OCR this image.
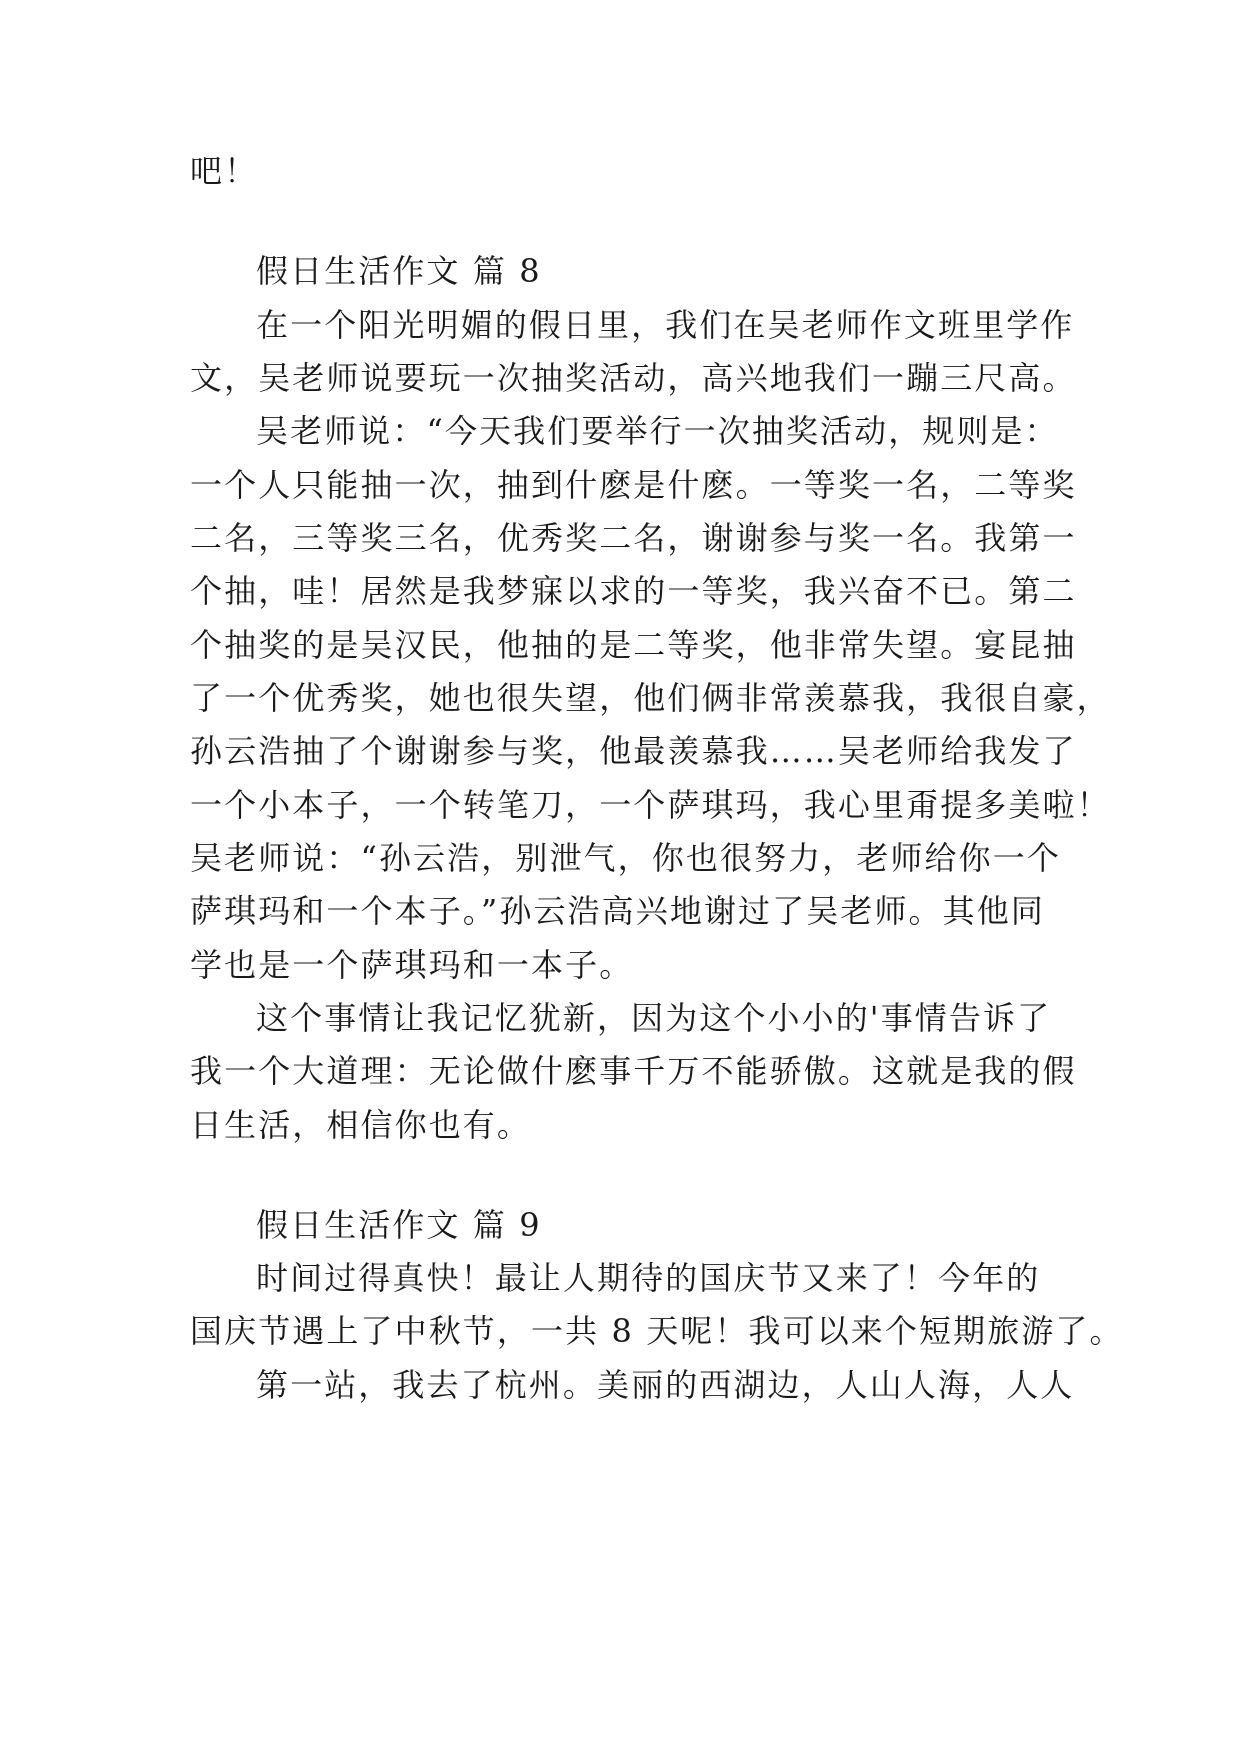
吧！
假日生活作文 篇 8
在一个阳光明媚的假日里，我们在吴老师作文班里学作
文，吴老师说要玩一次抽奖活动，高兴地我们一蹦三尺高。
吴老师说：“今天我们要举行一次抽奖活动，规则是：
一个人只能抽一次，抽到什麽是什麽。一等奖一名，二等奖
二名，三等奖三名，优秀奖二名，谢谢参与奖一名。我第一
个抽，哇！居然是我梦寐以求的一等奖，我兴奋不已。第二
个抽奖的是吴汉民，他抽的是二等奖，他非常失望。宴昆抽
了一个优秀奖，她也很失望，他们俩非常羡慕我，我很自豪，
孙云浩抽了个谢谢参与奖，他最羡慕我……吴老师给我发了
一个小本子，一个转笔刀，一个萨琪玛，我心里甭提多美啦！
吴老师说：“孙云浩，别泄气，你也很努力，老师给你一个
萨琪玛和一个本子。”孙云浩高兴地谢过了吴老师。其他同
学也是一个萨琪玛和一本子。
这个事情让我记忆犹新，因为这个小小的'事情告诉了
我一个大道理：无论做什麽事千万不能骄傲。这就是我的假
日生活，相信你也有。
假日生活作文 篇 9
时间过得真快！最让人期待的国庆节又来了！今年的
国庆节遇上了中秋节，一共 8 天呢！我可以来个短期旅游了。
第一站，我去了杭州。美丽的西湖边，人山人海，人人
